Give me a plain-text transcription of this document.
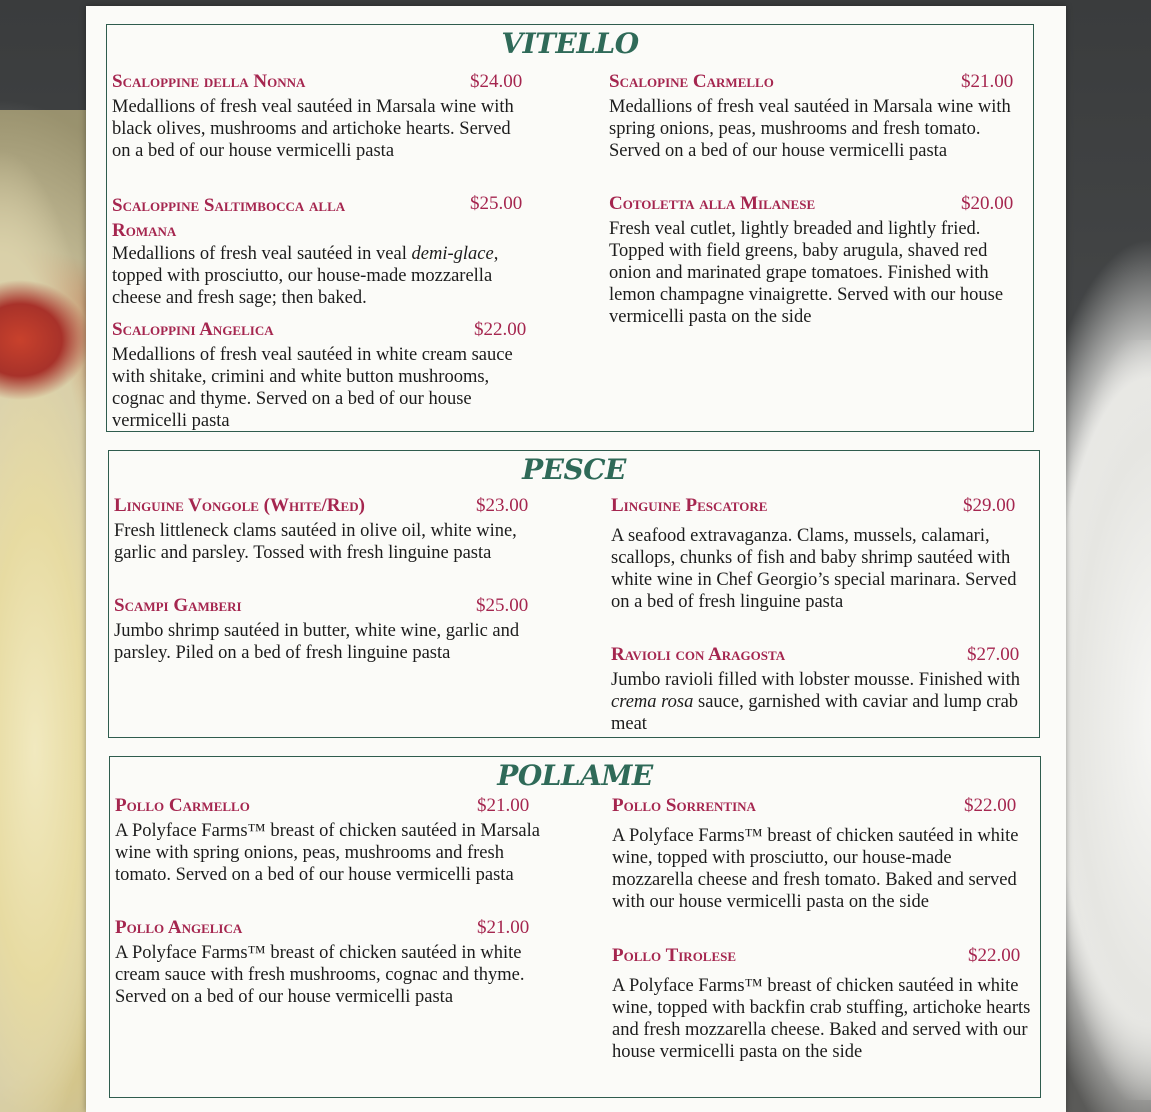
VITELLO
Scaloppine della Nonna	$24.00
Medallions of fresh veal sautéed in Marsala wine with black olives, mushrooms and artichoke hearts. Served on a bed of our house vermicelli pasta
Scaloppine Saltimbocca alla Romana
$25.00
Medallions of fresh veal sautéed in veal demi-glace, topped with prosciutto, our house-made mozzarella cheese and fresh sage; then baked.
Scaloppini Angelica	$22.00
Medallions of fresh veal sautéed in white cream sauce with shitake, crimini and white button mushrooms, cognac and thyme. Served on a bed of our house vermicelli pasta
Scalopine Carmello	$21.00
Medallions of fresh veal sautéed in Marsala wine with spring onions, peas, mushrooms and fresh tomato. Served on a bed of our house vermicelli pasta
Cotoletta alla Milanese	$20.00
Fresh veal cutlet, lightly breaded and lightly fried. Topped with field greens, baby arugula, shaved red onion and marinated grape tomatoes. Finished with lemon champagne vinaigrette. Served with our house vermicelli pasta on the side
PESCE
Linguine Vongole (White/Red)	$23.00
Fresh littleneck clams sautéed in olive oil, white wine, garlic and parsley. Tossed with fresh linguine pasta
Scampi Gamberi	$25.00
Jumbo shrimp sautéed in butter, white wine, garlic and parsley. Piled on a bed of fresh linguine pasta
Linguine Pescatore	$29.00
A seafood extravaganza. Clams, mussels, calamari, scallops, chunks of fish and baby shrimp sautéed with white wine in Chef Georgio’s special marinara. Served on a bed of fresh linguine pasta
Ravioli con Aragosta	$27.00
Jumbo ravioli filled with lobster mousse. Finished with crema rosa sauce, garnished with caviar and lump crab meat
POLLAME
Pollo Carmello	$21.00
A Polyface Farms™ breast of chicken sautéed in Marsala wine with spring onions, peas, mushrooms and fresh tomato. Served on a bed of our house vermicelli pasta
Pollo Angelica	$21.00
A Polyface Farms™ breast of chicken sautéed in white cream sauce with fresh mushrooms, cognac and thyme. Served on a bed of our house vermicelli pasta
Pollo Sorrentina	$22.00
A Polyface Farms™ breast of chicken sautéed in white wine, topped with prosciutto, our house-made mozzarella cheese and fresh tomato. Baked and served with our house vermicelli pasta on the side
Pollo Tirolese	$22.00
A Polyface Farms™ breast of chicken sautéed in white wine, topped with backfin crab stuffing, artichoke hearts and fresh mozzarella cheese. Baked and served with our house vermicelli pasta on the side
